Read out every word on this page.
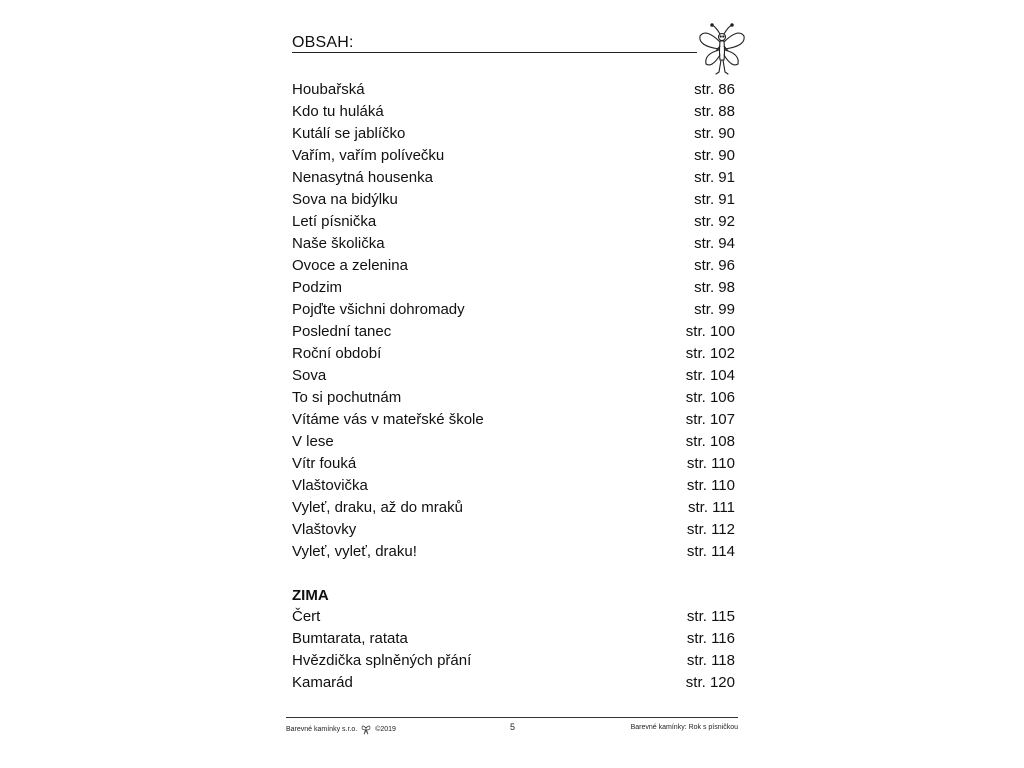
OBSAH:
Houbařská	str. 86
Kdo tu huláká	str. 88
Kutálí se jablíčko	str. 90
Vařím, vařím polívečku	str. 90
Nenasytná housenka	str. 91
Sova na bidýlku	str. 91
Letí písnička	str. 92
Naše školička	str. 94
Ovoce a zelenina	str. 96
Podzim	str. 98
Pojďte všichni dohromady	str. 99
Poslední tanec	str. 100
Roční období	str. 102
Sova	str. 104
To si pochutnám	str. 106
Vítáme vás v mateřské škole	str. 107
V lese	str. 108
Vítr fouká	str. 110
Vlaštovička	str. 110
Vyleť, draku, až do mraků	str. 111
Vlaštovky	str. 112
Vyleť, vyleť, draku!	str. 114
ZIMA
Čert	str. 115
Bumtarata, ratata	str. 116
Hvězdička splněných přání	str. 118
Kamarád	str. 120
Barevné kamínky s.r.o.	©2019	5	Barevné kamínky: Rok s písničkou
